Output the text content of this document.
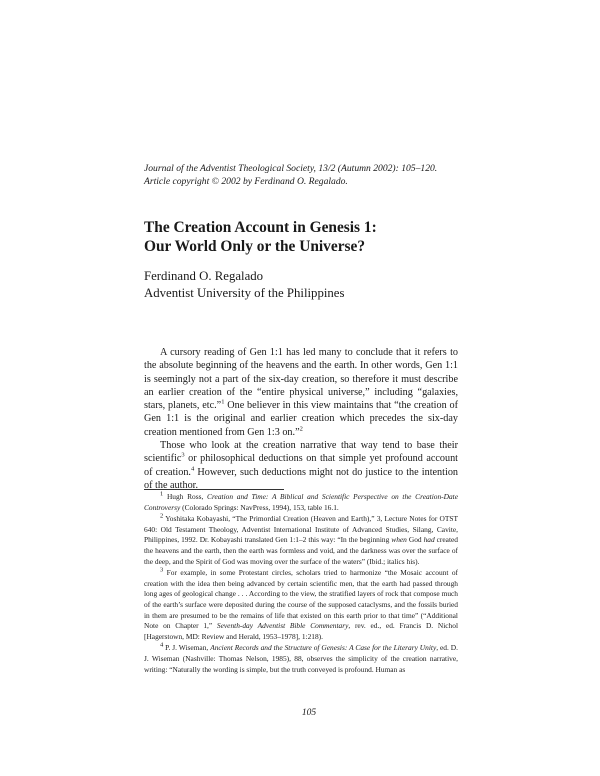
Journal of the Adventist Theological Society, 13/2 (Autumn 2002): 105–120.
Article copyright © 2002 by Ferdinand O. Regalado.
The Creation Account in Genesis 1:
Our World Only or the Universe?
Ferdinand O. Regalado
Adventist University of the Philippines

A cursory reading of Gen 1:1 has led many to conclude that it refers to the absolute beginning of the heavens and the earth. In other words, Gen 1:1 is seemingly not a part of the six-day creation, so therefore it must describe an earlier creation of the “entire physical universe,” including “galaxies, stars, planets, etc.”$^1$ One believer in this view maintains that “the creation of Gen 1:1 is the original and earlier creation which precedes the six-day creation mentioned from Gen 1:3 on.”$^2$

Those who look at the creation narrative that way tend to base their scientific$^3$ or philosophical deductions on that simple yet profound account of creation.$^4$ However, such deductions might not do justice to the intention of the author.

$^1$ Hugh Ross, Creation and Time: A Biblical and Scientific Perspective on the Creation-Date Controversy (Colorado Springs: NavPress, 1994), 153, table 16.1.

$^2$ Yoshitaka Kobayashi, “The Primordial Creation (Heaven and Earth),” 3, Lecture Notes for OTST 640: Old Testament Theology, Adventist International Institute of Advanced Studies, Silang, Cavite, Philippines, 1992. Dr. Kobayashi translated Gen 1:1–2 this way: “In the beginning when God had created the heavens and the earth, then the earth was formless and void, and the darkness was over the surface of the deep, and the Spirit of God was moving over the surface of the waters” (Ibid.; italics his).

$^3$ For example, in some Protestant circles, scholars tried to harmonize “the Mosaic account of creation with the idea then being advanced by certain scientific men, that the earth had passed through long ages of geological change . . . According to the view, the stratified layers of rock that compose much of the earth’s surface were deposited during the course of the supposed cataclysms, and the fossils buried in them are presumed to be the remains of life that existed on this earth prior to that time” (“Additional Note on Chapter 1,” Seventh-day Adventist Bible Commentary, rev. ed., ed. Francis D. Nichol [Hagerstown, MD: Review and Herald, 1953–1978], 1:218).

$^4$ P. J. Wiseman, Ancient Records and the Structure of Genesis: A Case for the Literary Unity, ed. D. J. Wiseman (Nashville: Thomas Nelson, 1985), 88, observes the simplicity of the creation narrative, writing: “Naturally the wording is simple, but the truth conveyed is profound. Human as

105
